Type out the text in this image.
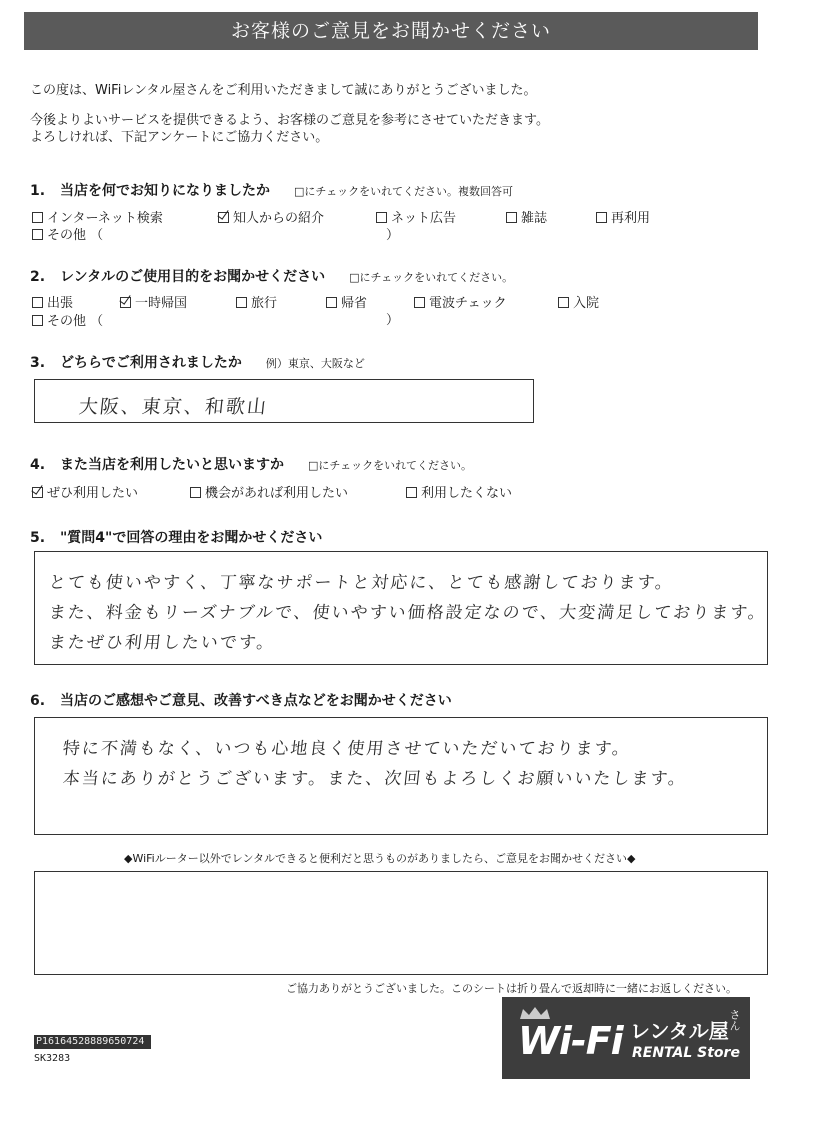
お客様のご意見をお聞かせください
この度は、WiFiレンタル屋さんをご利用いただきまして誠にありがとうございました。
今後よりよいサービスを提供できるよう、お客様のご意見を参考にさせていただきます。
よろしければ、下記アンケートにご協力ください。
1. 当店を何でお知りになりましたか □にチェックをいれてください。複数回答可
インターネット検索	知人からの紹介	ネット広告	雑誌	再利用
その他 （	）
2. レンタルのご使用目的をお聞かせください □にチェックをいれてください。
出張	一時帰国	旅行	帰省	電波チェック	入院
その他 （	）
3. どちらでご利用されましたか 例）東京、大阪など
大阪、東京、和歌山
4. また当店を利用したいと思いますか □にチェックをいれてください。
ぜひ利用したい	機会があれば利用したい	利用したくない
5. "質問4"で回答の理由をお聞かせください
とても使いやすく、丁寧なサポートと対応に、とても感謝しております。
また、料金もリーズナブルで、使いやすい価格設定なので、大変満足しております。
またぜひ利用したいです。
6. 当店のご感想やご意見、改善すべき点などをお聞かせください
特に不満もなく、いつも心地良く使用させていただいております。
本当にありがとうございます。また、次回もよろしくお願いいたします。
◆WiFiルーター以外でレンタルできると便利だと思うものがありましたら、ご意見をお聞かせください◆
ご協力ありがとうございました。このシートは折り畳んで返却時に一緒にお返しください。
P16164528889650724
SK3283	Wi-Fi レンタル屋 さん
RENTAL Store
